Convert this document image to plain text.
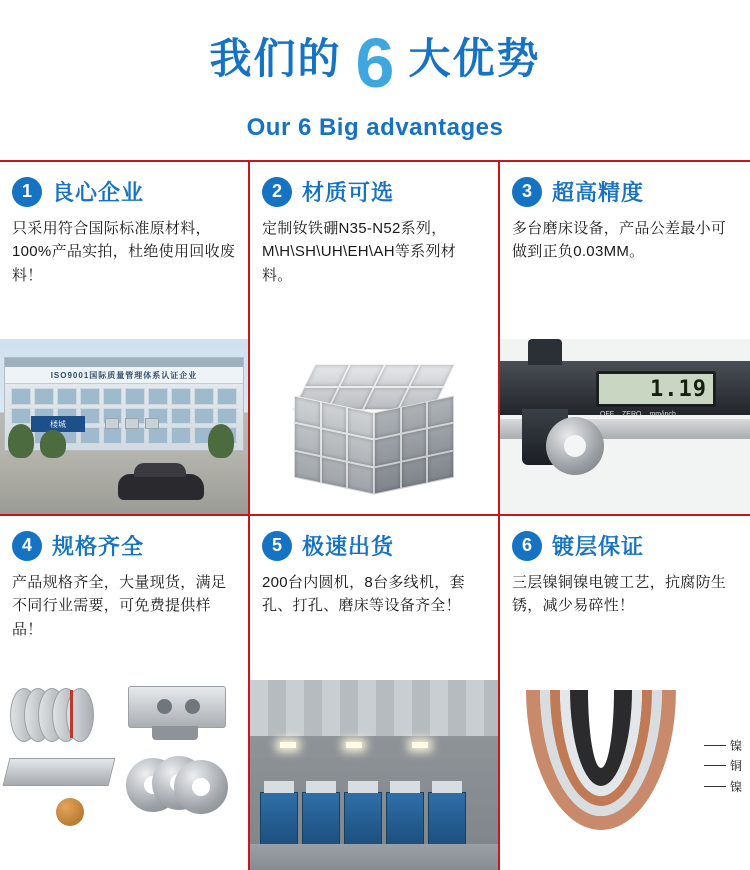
我们的 6 大优势
Our 6 Big advantages
1 良心企业
只采用符合国际标准原材料，100%产品实拍，杜绝使用回收废料！
ISO9001国际质量管理体系认证企业
楼城
2 材质可选
定制钕铁硼N35-N52系列，M\H\SH\UH\EH\AH等系列材料。
3 超高精度
多台磨床设备，产品公差最小可做到正负0.03MM。
1.19
OFF ZERO mm/inch
4 规格齐全
产品规格齐全，大量现货，满足不同行业需要，可免费提供样品！
5 极速出货
200台内圆机，8台多线机，套孔、打孔、磨床等设备齐全！
6 镀层保证
三层镍铜镍电镀工艺，抗腐防生锈，减少易碎性！
镍
铜
镍
